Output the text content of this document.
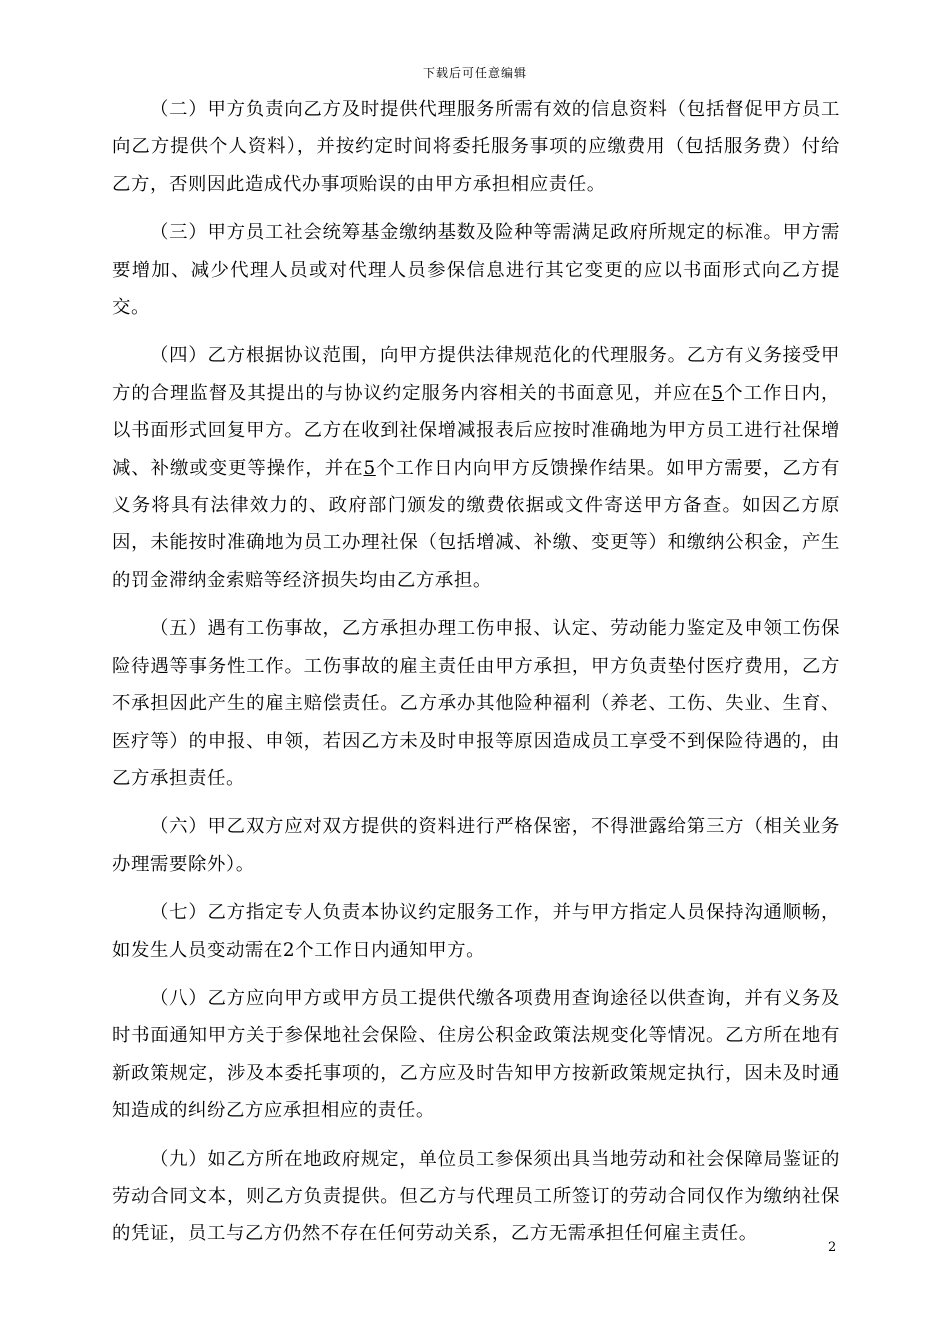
下载后可任意编辑

（二）甲方负责向乙方及时提供代理服务所需有效的信息资料（包括督促甲方员工向乙方提供个人资料），并按约定时间将委托服务事项的应缴费用（包括服务费）付给乙方，否则因此造成代办事项贻误的由甲方承担相应责任。

（三）甲方员工社会统筹基金缴纳基数及险种等需满足政府所规定的标准。甲方需要增加、减少代理人员或对代理人员参保信息进行其它变更的应以书面形式向乙方提交。

（四）乙方根据协议范围，向甲方提供法律规范化的代理服务。乙方有义务接受甲方的合理监督及其提出的与协议约定服务内容相关的书面意见，并应在5个工作日内，以书面形式回复甲方。乙方在收到社保增减报表后应按时准确地为甲方员工进行社保增减、补缴或变更等操作，并在5个工作日内向甲方反馈操作结果。如甲方需要，乙方有义务将具有法律效力的、政府部门颁发的缴费依据或文件寄送甲方备查。如因乙方原因，未能按时准确地为员工办理社保（包括增减、补缴、变更等）和缴纳公积金，产生的罚金滞纳金索赔等经济损失均由乙方承担。

（五）遇有工伤事故，乙方承担办理工伤申报、认定、劳动能力鉴定及申领工伤保险待遇等事务性工作。工伤事故的雇主责任由甲方承担，甲方负责垫付医疗费用，乙方不承担因此产生的雇主赔偿责任。乙方承办其他险种福利（养老、工伤、失业、生育、医疗等）的申报、申领，若因乙方未及时申报等原因造成员工享受不到保险待遇的，由乙方承担责任。

（六）甲乙双方应对双方提供的资料进行严格保密，不得泄露给第三方（相关业务办理需要除外）。

（七）乙方指定专人负责本协议约定服务工作，并与甲方指定人员保持沟通顺畅，如发生人员变动需在2个工作日内通知甲方。

（八）乙方应向甲方或甲方员工提供代缴各项费用查询途径以供查询，并有义务及时书面通知甲方关于参保地社会保险、住房公积金政策法规变化等情况。乙方所在地有新政策规定，涉及本委托事项的，乙方应及时告知甲方按新政策规定执行，因未及时通知造成的纠纷乙方应承担相应的责任。

（九）如乙方所在地政府规定，单位员工参保须出具当地劳动和社会保障局鉴证的劳动合同文本，则乙方负责提供。但乙方与代理员工所签订的劳动合同仅作为缴纳社保的凭证，员工与乙方仍然不存在任何劳动关系，乙方无需承担任何雇主责任。

2
